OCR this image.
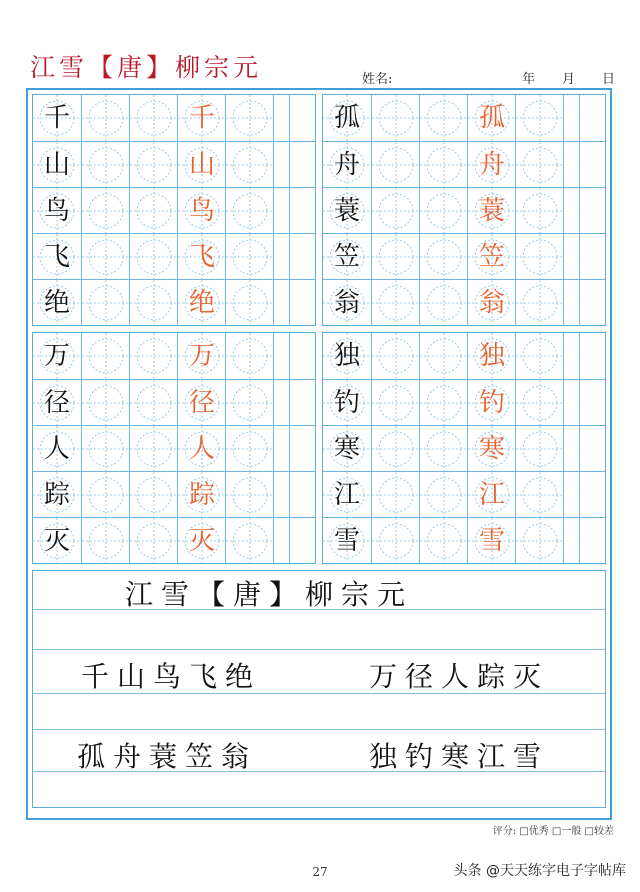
江雪【唐】柳宗元	姓名:	年 月 日
千	千
山	山
鸟	鸟
飞	飞
绝	绝
孤	孤
舟	舟
蓑	蓑
笠	笠
翁	翁
万	万
径	径
人	人
踪	踪
灭	灭
独	独
钓	钓
寒	寒
江	江
雪	雪
江雪【唐】柳宗元
千山鸟飞绝	万径人踪灭
孤舟蓑笠翁	独钓寒江雪
评分: □优秀 □一般 □较差
27	头条 @天天练字电子字帖库
